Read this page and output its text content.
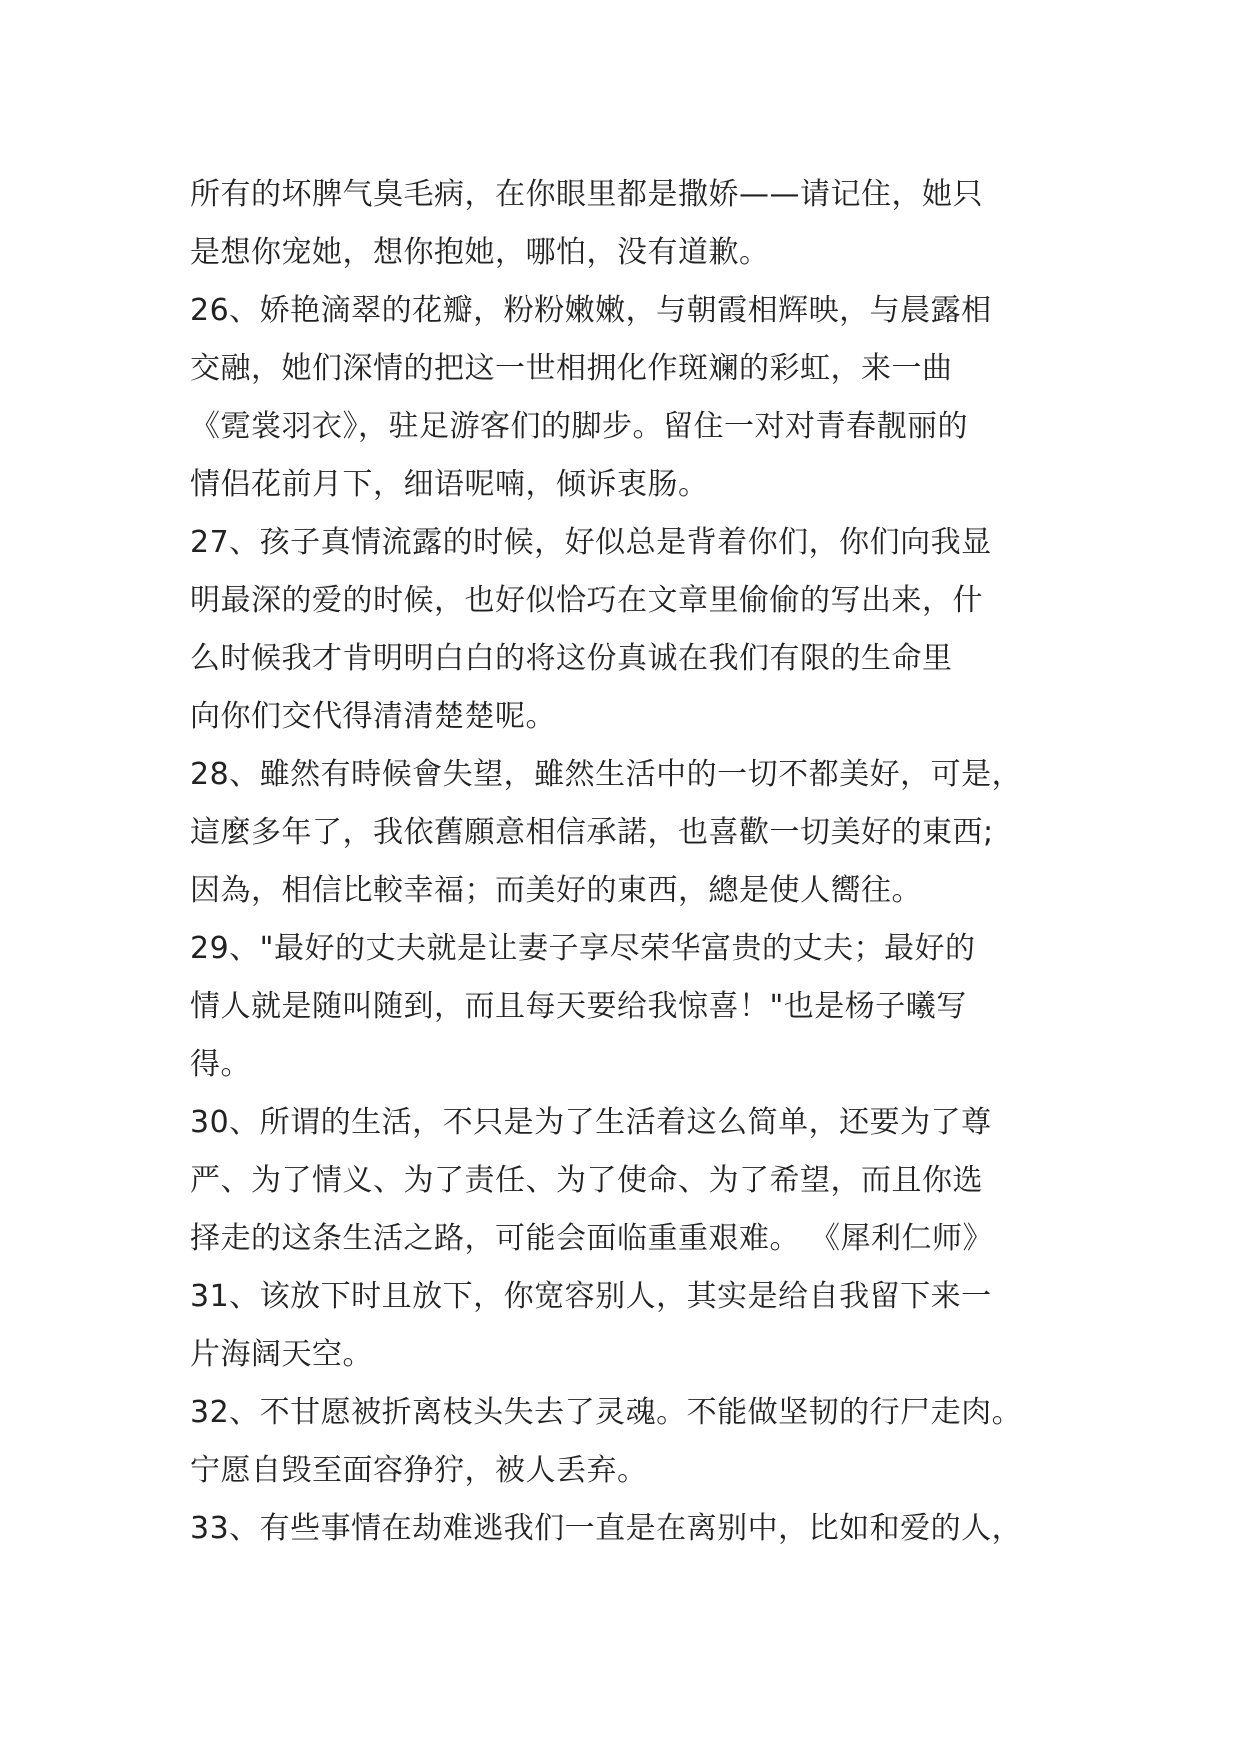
所有的坏脾气臭毛病，在你眼里都是撒娇——请记住，她只
是想你宠她，想你抱她，哪怕，没有道歉。
26、娇艳滴翠的花瓣，粉粉嫩嫩，与朝霞相辉映，与晨露相
交融，她们深情的把这一世相拥化作斑斓的彩虹，来一曲
《霓裳羽衣》，驻足游客们的脚步。留住一对对青春靓丽的
情侣花前月下，细语呢喃，倾诉衷肠。
27、孩子真情流露的时候，好似总是背着你们，你们向我显
明最深的爱的时候，也好似恰巧在文章里偷偷的写出来，什
么时候我才肯明明白白的将这份真诚在我们有限的生命里
向你们交代得清清楚楚呢。
28、雖然有時候會失望，雖然生活中的一切不都美好，可是，
這麼多年了，我依舊願意相信承諾，也喜歡一切美好的東西;
因為，相信比較幸福；而美好的東西，總是使人嚮往。
29、"最好的丈夫就是让妻子享尽荣华富贵的丈夫；最好的
情人就是随叫随到，而且每天要给我惊喜！"也是杨子曦写
得。
30、所谓的生活，不只是为了生活着这么简单，还要为了尊
严、为了情义、为了责任、为了使命、为了希望，而且你选
择走的这条生活之路，可能会面临重重艰难。 《犀利仁师》
31、该放下时且放下，你宽容别人，其实是给自我留下来一
片海阔天空。
32、不甘愿被折离枝头失去了灵魂。不能做坚韧的行尸走肉。
宁愿自毁至面容狰狞，被人丢弃。
33、有些事情在劫难逃我们一直是在离别中，比如和爱的人，
